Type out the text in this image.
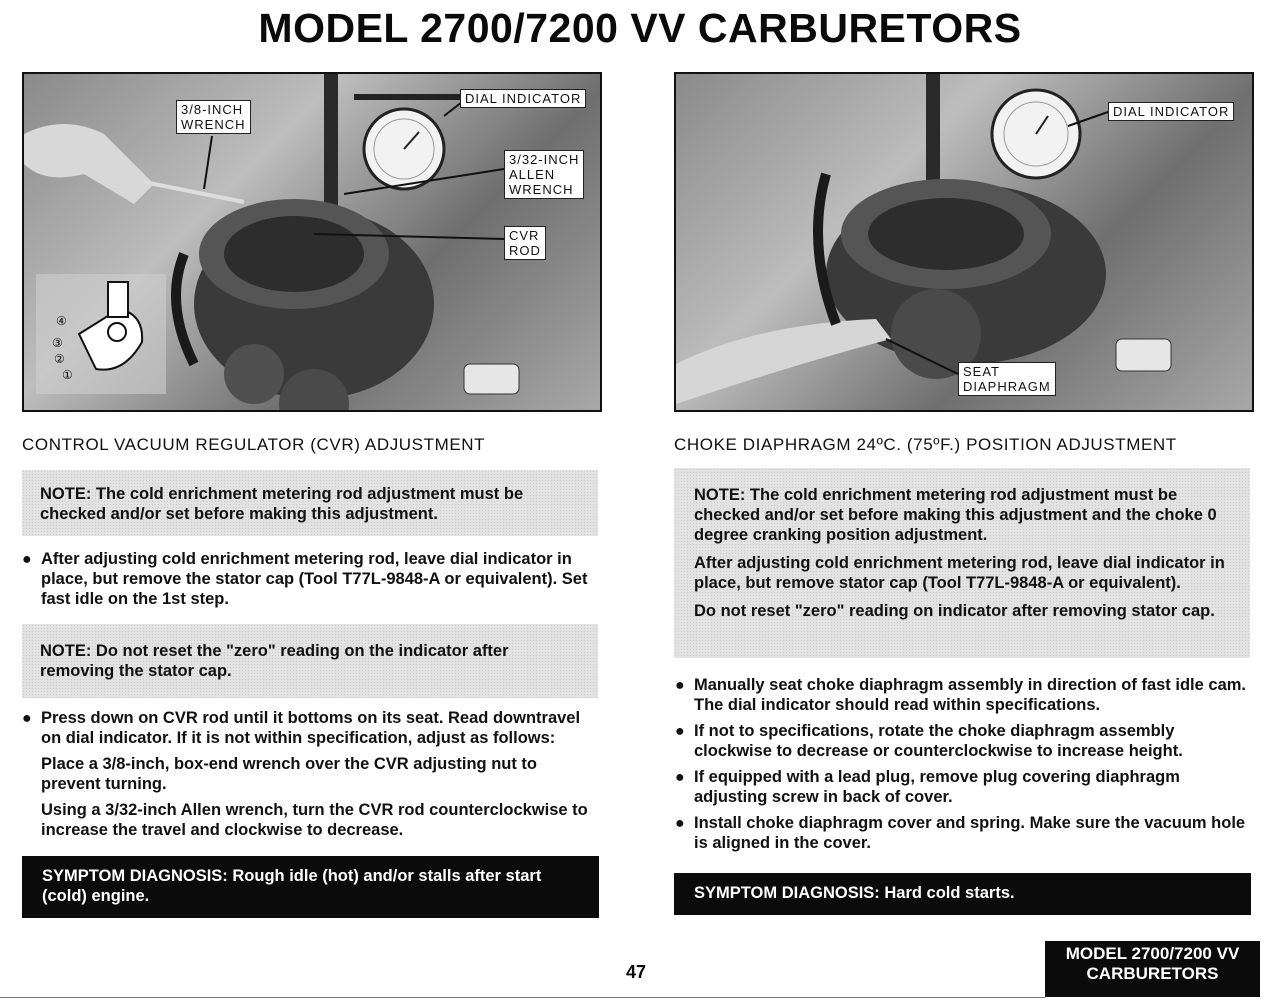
MODEL 2700/7200 VV CARBURETORS
3/8-INCH
WRENCH
DIAL INDICATOR
3/32-INCH
ALLEN
WRENCH
CVR
ROD
④
③
②
①
DIAL INDICATOR
SEAT
DIAPHRAGM
CONTROL VACUUM REGULATOR (CVR) ADJUSTMENT

NOTE: The cold enrichment metering rod adjustment must be checked and/or set before making this adjustment.

● After adjusting cold enrichment metering rod, leave dial indicator in place, but remove the stator cap (Tool T77L-9848-A or equivalent). Set fast idle on the 1st step.

NOTE: Do not reset the "zero" reading on the indicator after removing the stator cap.

● Press down on CVR rod until it bottoms on its seat. Read downtravel on dial indicator. If it is not within specification, adjust as follows:

Place a 3/8-inch, box-end wrench over the CVR adjusting nut to prevent turning.

Using a 3/32-inch Allen wrench, turn the CVR rod counterclockwise to increase the travel and clockwise to decrease.

SYMPTOM DIAGNOSIS: Rough idle (hot) and/or stalls after start (cold) engine.
CHOKE DIAPHRAGM 24ºC. (75ºF.) POSITION ADJUSTMENT

NOTE: The cold enrichment metering rod adjustment must be checked and/or set before making this adjustment and the choke 0 degree cranking position adjustment.

After adjusting cold enrichment metering rod, leave dial indicator in place, but remove stator cap (Tool T77L-9848-A or equivalent).

Do not reset "zero" reading on indicator after removing stator cap.

● Manually seat choke diaphragm assembly in direction of fast idle cam. The dial indicator should read within specifications.

● If not to specifications, rotate the choke diaphragm assembly clockwise to decrease or counterclockwise to increase height.

● If equipped with a lead plug, remove plug covering diaphragm adjusting screw in back of cover.

● Install choke diaphragm cover and spring. Make sure the vacuum hole is aligned in the cover.

SYMPTOM DIAGNOSIS: Hard cold starts.
47
MODEL 2700/7200 VV
CARBURETORS
